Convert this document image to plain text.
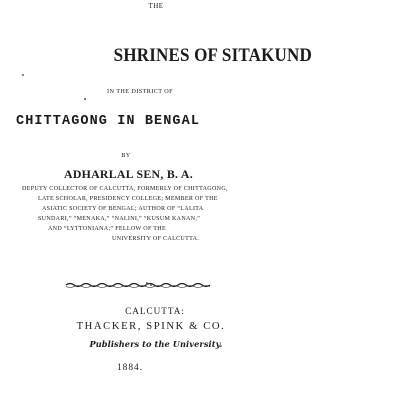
THE

SHRINES OF SITAKUND

IN THE DISTRICT OF

CHITTAGONG IN BENGAL

BY

ADHARLAL SEN, B. A.

DEPUTY COLLECTOR OF CALCUTTA, FORMERLY OF CHITTAGONG,

LATE SCHOLAR, PRESIDENCY COLLEGE; MEMBER OF THE

ASIATIC SOCIETY OF BENGAL; AUTHOR OF “LALITA

SUNDARI,” “MENAKA,” “NALINI,” “KUSUM KANAN,”

AND “LYTTONIANA;” FELLOW OF THE

UNIVERSITY OF CALCUTTA.

CALCUTTA:

THACKER, SPINK & CO.

Publishers to the University.

1884.
